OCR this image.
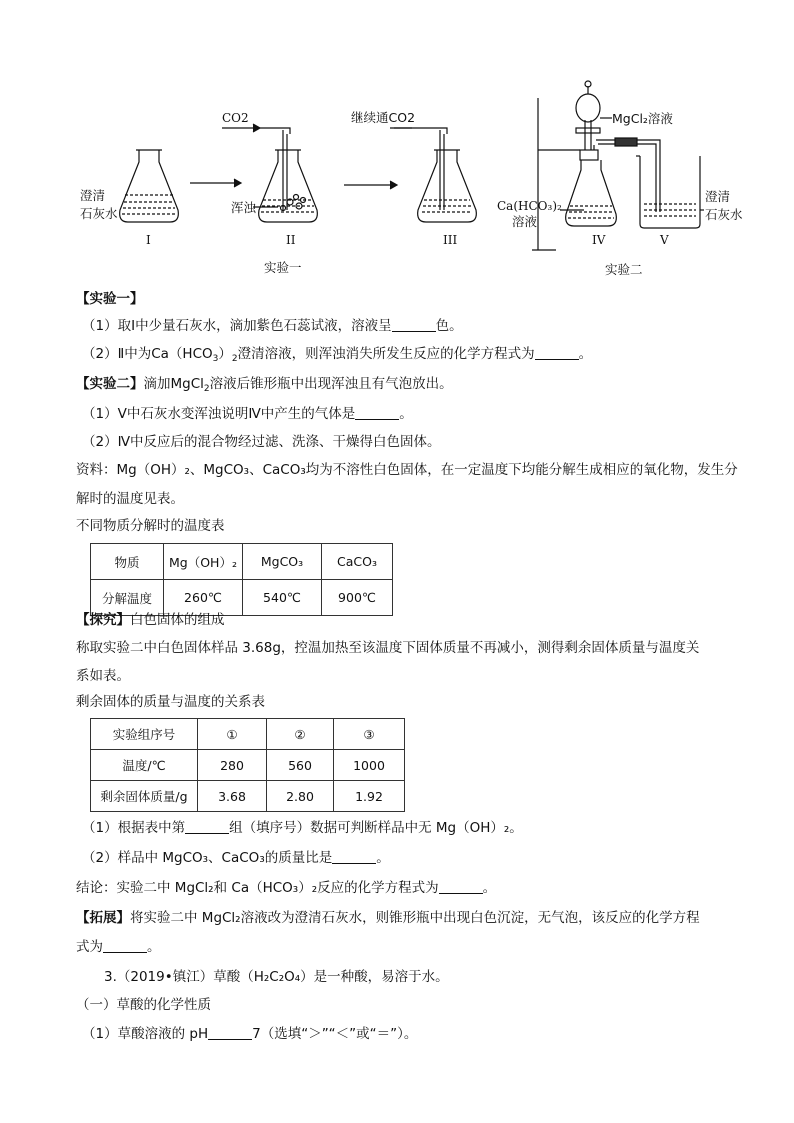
CO2	继续通CO2
澄清
石灰水	浑浊
I	II	III
实验一
MgCl₂溶液
Ca(HCO₃)₂
溶液
澄清
石灰水
IV	V
实验二
【实验一】
（1）取Ⅰ中少量石灰水，滴加紫色石蕊试液，溶液呈	色。
（2）Ⅱ中为$Ca(HCO_3)_2$澄清溶液，则浑浊消失所发生反应的化学方程式为	。
【实验二】滴加MgCl$_2$溶液后锥形瓶中出现浑浊且有气泡放出。
（1）Ⅴ中石灰水变浑浊说明Ⅳ中产生的气体是	。
（2）Ⅳ中反应后的混合物经过滤、洗涤、干燥得白色固体。
资料：Mg（OH）₂、MgCO₃、CaCO₃均为不溶性白色固体，在一定温度下均能分解生成相应的氧化物，发生分
解时的温度见表。
不同物质分解时的温度表
物质	Mg（OH）₂	MgCO₃	CaCO₃
分解温度	260℃	540℃	900℃
【探究】白色固体的组成
称取实验二中白色固体样品 3.68g，控温加热至该温度下固体质量不再减小，测得剩余固体质量与温度关
系如表。
剩余固体的质量与温度的关系表
实验组序号	①	②	③
温度/℃	280	560	1000
剩余固体质量/g	3.68	2.80	1.92
（1）根据表中第	组（填序号）数据可判断样品中无 Mg（OH）₂。
（2）样品中 MgCO₃、CaCO₃的质量比是	。
结论：实验二中 MgCl₂和 Ca（HCO₃）₂反应的化学方程式为	。
【拓展】将实验二中 MgCl₂溶液改为澄清石灰水，则锥形瓶中出现白色沉淀，无气泡，该反应的化学方程
式为	。
3.（2019•镇江）草酸（H₂C₂O₄）是一种酸，易溶于水。
（一）草酸的化学性质
（1）草酸溶液的 pH	7（选填“＞”“＜”或“＝”）。
